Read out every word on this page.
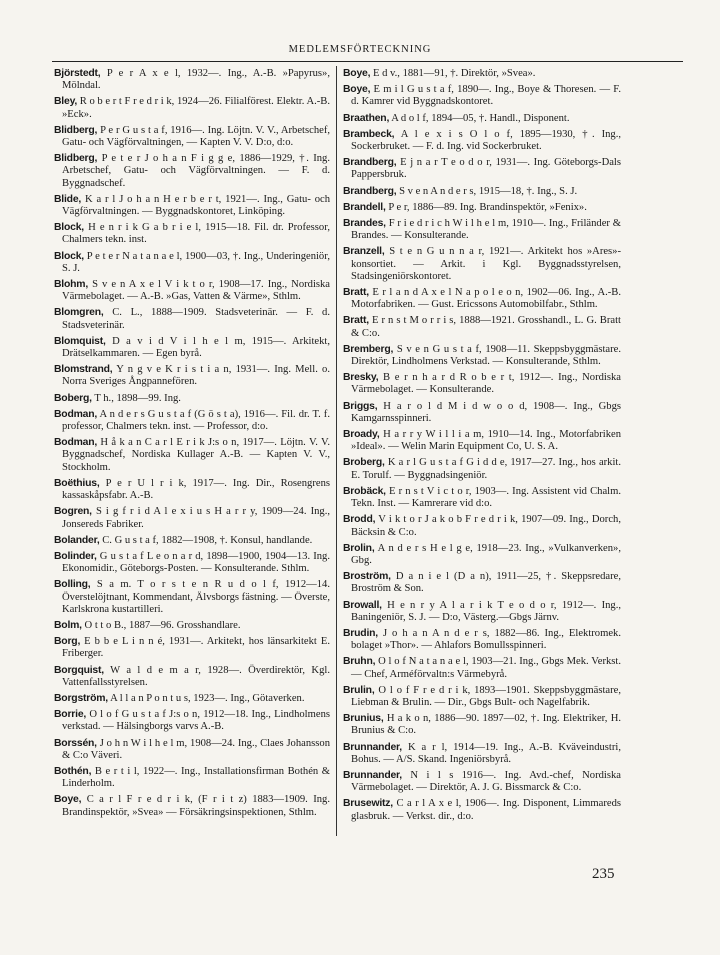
MEDLEMSFÖRTECKNING
Björstedt, P e r A x e l, 1932—. Ing., A.-B. »Papyrus», Mölndal.
Bley, R o b e r t F r e d r i k, 1924—26. Filialförest. Elektr. A.-B. »Eck».
Blidberg, P e r G u s t a f, 1916—. Ing. Löjtn. V. V., Arbetschef, Gatu- och Vägförvaltningen, — Kapten V. V. D:o, d:o.
Blidberg, P e t e r J o h a n F i g g e, 1886—1929, †. Ing. Arbetschef, Gatu- och Vägförvaltningen. — F. d. Byggnadschef.
Blide, K a r l J o h a n H e r b e r t, 1921—. Ing., Gatu- och Vägförvaltningen. — Byggnadskontoret, Linköping.
Block, H e n r i k G a b r i e l, 1915—18. Fil. dr. Professor, Chalmers tekn. inst.
Block, P e t e r N a t a n a e l, 1900—03, †. Ing., Underingeniör, S. J.
Blohm, S v e n A x e l V i k t o r, 1908—17. Ing., Nordiska Värmebolaget. — A.-B. »Gas, Vatten & Värme», Sthlm.
Blomgren, C. L., 1888—1909. Stadsveterinär. — F. d. Stadsveterinär.
Blomquist, D a v i d V i l h e l m, 1915—. Arkitekt, Drätselkammaren. — Egen byrå.
Blomstrand, Y n g v e K r i s t i a n, 1931—. Ing. Mell. o. Norra Sveriges Ångpannefören.
Boberg, T h., 1898—99. Ing.
Bodman, A n d e r s G u s t a f (G ö s t a), 1916—. Fil. dr. T. f. professor, Chalmers tekn. inst. — Professor, d:o.
Bodman, H å k a n C a r l E r i k J:s o n, 1917—. Löjtn. V. V. Byggnadschef, Nordiska Kullager A.-B. — Kapten V. V., Stockholm.
Boëthius, P e r U l r i k, 1917—. Ing. Dir., Rosengrens kassaskåpsfabr. A.-B.
Bogren, S i g f r i d A l e x i u s H a r r y, 1909—24. Ing., Jonsereds Fabriker.
Bolander, C. G u s t a f, 1882—1908, †. Konsul, handlande.
Bolinder, G u s t a f L e o n a r d, 1898—1900, 1904—13. Ing. Ekonomidir., Göteborgs-Posten. — Konsulterande. Sthlm.
Bolling, S a m. T o r s t e n R u d o l f, 1912—14. Överstelöjtnant, Kommendant, Älvsborgs fästning. — Överste, Karlskrona kustartilleri.
Bolm, O t t o B., 1887—96. Grosshandlare.
Borg, E b b e L i n n é, 1931—. Arkitekt, hos länsarkitekt E. Friberger.
Borgquist, W a l d e m a r, 1928—. Överdirektör, Kgl. Vattenfallsstyrelsen.
Borgström, A l l a n P o n t u s, 1923—. Ing., Götaverken.
Borrie, O l o f G u s t a f J:s o n, 1912—18. Ing., Lindholmens verkstad. — Hälsingborgs varvs A.-B.
Borssén, J o h n W i l h e l m, 1908—24. Ing., Claes Johansson & C:o Väveri.
Bothén, B e r t i l, 1922—. Ing., Installationsfirman Bothén & Linderholm.
Boye, C a r l F r e d r i k, (F r i t z) 1883—1909. Ing. Brandinspektör, »Svea» — Försäkringsinspektionen, Sthlm.
Boye, E d v., 1881—91, †. Direktör, »Svea».
Boye, E m i l G u s t a f, 1890—. Ing., Boye & Thoresen. — F. d. Kamrer vid Byggnadskontoret.
Braathen, A d o l f, 1894—05, †. Handl., Disponent.
Brambeck, A l e x i s O l o f, 1895—1930, †. Ing., Sockerbruket. — F. d. Ing. vid Sockerbruket.
Brandberg, E j n a r T e o d o r, 1931—. Ing. Göteborgs-Dals Pappersbruk.
Brandberg, S v e n A n d e r s, 1915—18, †. Ing., S. J.
Brandell, P e r, 1886—89. Ing. Brandinspektör, »Fenix».
Brandes, F r i e d r i c h W i l h e l m, 1910—. Ing., Friländer & Brandes. — Konsulterande.
Branzell, S t e n G u n n a r, 1921—. Arkitekt hos »Ares»-konsortiet. — Arkit. i Kgl. Byggnadsstyrelsen, Stadsingeniörskontoret.
Bratt, E r l a n d A x e l N a p o l e o n, 1902—06. Ing., A.-B. Motorfabriken. — Gust. Ericssons Automobilfabr., Sthlm.
Bratt, E r n s t M o r r i s, 1888—1921. Grosshandl., L. G. Bratt & C:o.
Bremberg, S v e n G u s t a f, 1908—11. Skeppsbyggmästare. Direktör, Lindholmens Verkstad. — Konsulterande, Sthlm.
Bresky, B e r n h a r d R o b e r t, 1912—. Ing., Nordiska Värmebolaget. — Konsulterande.
Briggs, H a r o l d M i d w o o d, 1908—. Ing., Gbgs Kamgarnsspinneri.
Broady, H a r r y W i l l i a m, 1910—14. Ing., Motorfabriken »Ideal». — Welin Marin Equipment Co, U. S. A.
Broberg, K a r l G u s t a f G i d d e, 1917—27. Ing., hos arkit. E. Torulf. — Byggnadsingeniör.
Brobäck, E r n s t V i c t o r, 1903—. Ing. Assistent vid Chalm. Tekn. Inst. — Kamrerare vid d:o.
Brodd, V i k t o r J a k o b F r e d r i k, 1907—09. Ing., Dorch, Bäcksin & C:o.
Brolin, A n d e r s H e l g e, 1918—23. Ing., »Vulkanverken», Gbg.
Broström, D a n i e l (D a n), 1911—25, †. Skeppsredare, Broström & Son.
Browall, H e n r y A l a r i k T e o d o r, 1912—. Ing., Baningeniör, S. J. — D:o, Västerg.—Gbgs Järnv.
Brudin, J o h a n A n d e r s, 1882—86. Ing., Elektromek. bolaget »Thor». — Ahlafors Bomullsspinneri.
Bruhn, O l o f N a t a n a e l, 1903—21. Ing., Gbgs Mek. Verkst. — Chef, Arméförvaltn:s Värmebyrå.
Brulin, O l o f F r e d r i k, 1893—1901. Skeppsbyggmästare, Liebman & Brulin. — Dir., Gbgs Bult- och Nagelfabrik.
Brunius, H a k o n, 1886—90. 1897—02, †. Ing. Elektriker, H. Brunius & C:o.
Brunnander, K a r l, 1914—19. Ing., A.-B. Kväveindustri, Bohus. — A/S. Skand. Ingeniörsbyrå.
Brunnander, N i l s 1916—. Ing. Avd.-chef, Nordiska Värmebolaget. — Direktör, A. J. G. Bissmarck & C:o.
Brusewitz, C a r l A x e l, 1906—. Ing. Disponent, Limmareds glasbruk. — Verkst. dir., d:o.
235
